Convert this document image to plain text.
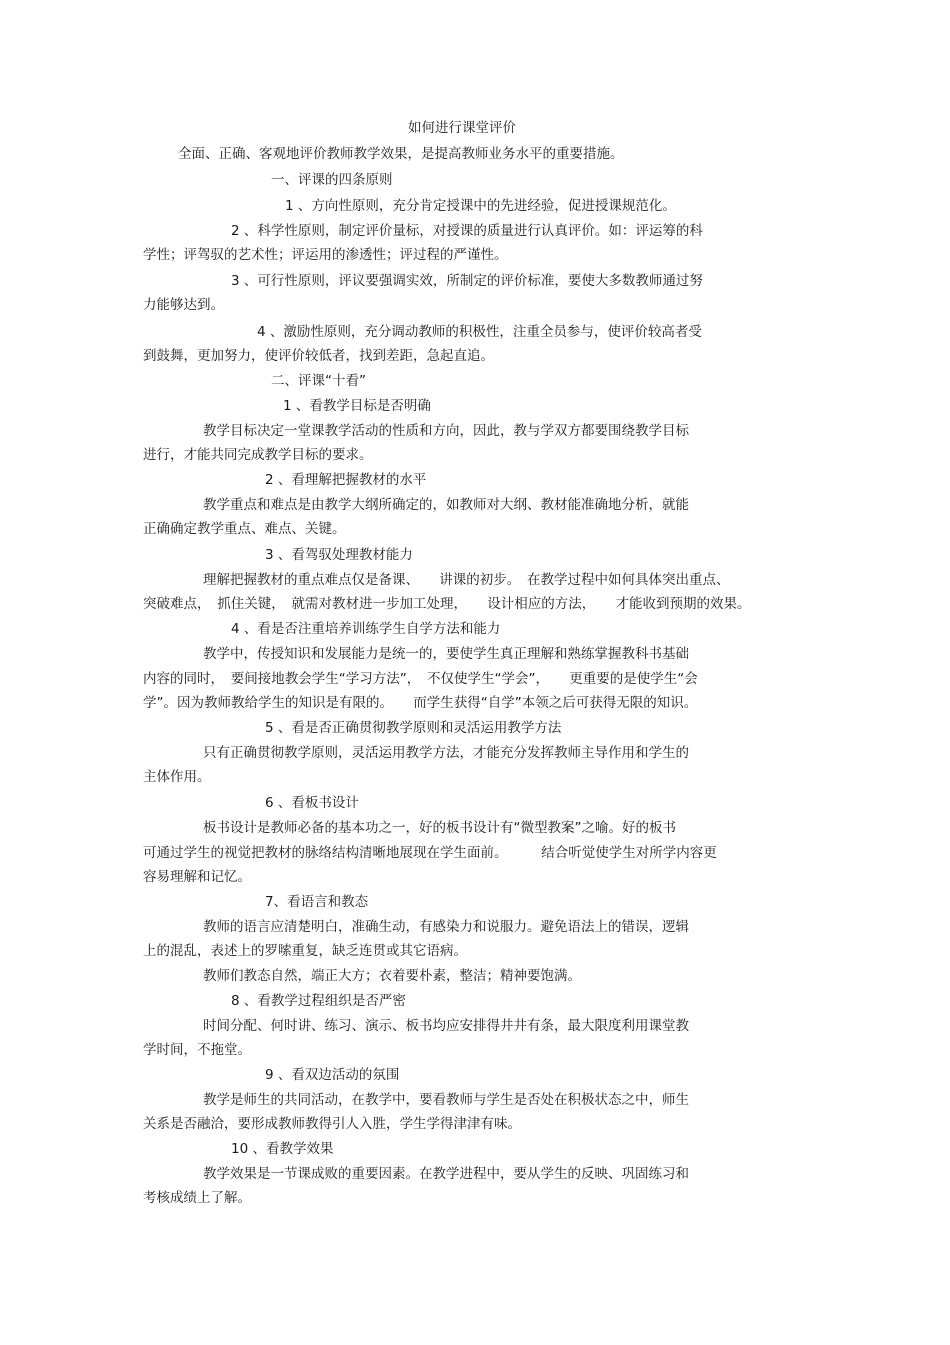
如何进行课堂评价
全面、正确、客观地评价教师教学效果，是提高教师业务水平的重要措施。
一、评课的四条原则
1 、方向性原则，充分肯定授课中的先进经验，促进授课规范化。
2 、科学性原则，制定评价量标，对授课的质量进行认真评价。如：评运筹的科
学性；评驾驭的艺术性；评运用的渗透性；评过程的严谨性。
3 、可行性原则，评议要强调实效，所制定的评价标准，要使大多数教师通过努
力能够达到。
4 、激励性原则，充分调动教师的积极性，注重全员参与，使评价较高者受
到鼓舞，更加努力，使评价较低者，找到差距，急起直追。
二、评课“十看”
1 、看教学目标是否明确
教学目标决定一堂课教学活动的性质和方向，因此，教与学双方都要围绕教学目标
进行，才能共同完成教学目标的要求。
2 、看理解把握教材的水平
教学重点和难点是由教学大纲所确定的，如教师对大纲、教材能准确地分析，就能
正确确定教学重点、难点、关键。
3 、看驾驭处理教材能力
理解把握教材的重点难点仅是备课、　　讲课的初步。　在教学过程中如何具体突出重点、
突破难点，　抓住关键，　就需对教材进一步加工处理，　　设计相应的方法，　　才能收到预期的效果。
4 、看是否注重培养训练学生自学方法和能力
教学中，传授知识和发展能力是统一的，要使学生真正理解和熟练掌握教科书基础
内容的同时，　要间接地教会学生“学习方法”，　不仅使学生“学会”，　　更重要的是使学生“会
学”。因为教师教给学生的知识是有限的。　　而学生获得“自学”本领之后可获得无限的知识。
5 、看是否正确贯彻教学原则和灵活运用教学方法
只有正确贯彻教学原则，灵活运用教学方法，才能充分发挥教师主导作用和学生的
主体作用。
6 、看板书设计
板书设计是教师必备的基本功之一，好的板书设计有“微型教案”之喻。好的板书
可通过学生的视觉把教材的脉络结构清晰地展现在学生面前。　　　结合听觉使学生对所学内容更
容易理解和记忆。
7、看语言和教态
教师的语言应清楚明白，准确生动，有感染力和说服力。避免语法上的错误，逻辑
上的混乱，表述上的罗嗦重复，缺乏连贯或其它语病。
教师们教态自然，端正大方；衣着要朴素，整洁；精神要饱满。
8 、看教学过程组织是否严密
时间分配、何时讲、练习、演示、板书均应安排得井井有条，最大限度利用课堂教
学时间，不拖堂。
9 、看双边活动的氛围
教学是师生的共同活动，在教学中，要看教师与学生是否处在积极状态之中，师生
关系是否融洽，要形成教师教得引人入胜，学生学得津津有味。
10 、看教学效果
教学效果是一节课成败的重要因素。在教学进程中，要从学生的反映、巩固练习和
考核成绩上了解。
